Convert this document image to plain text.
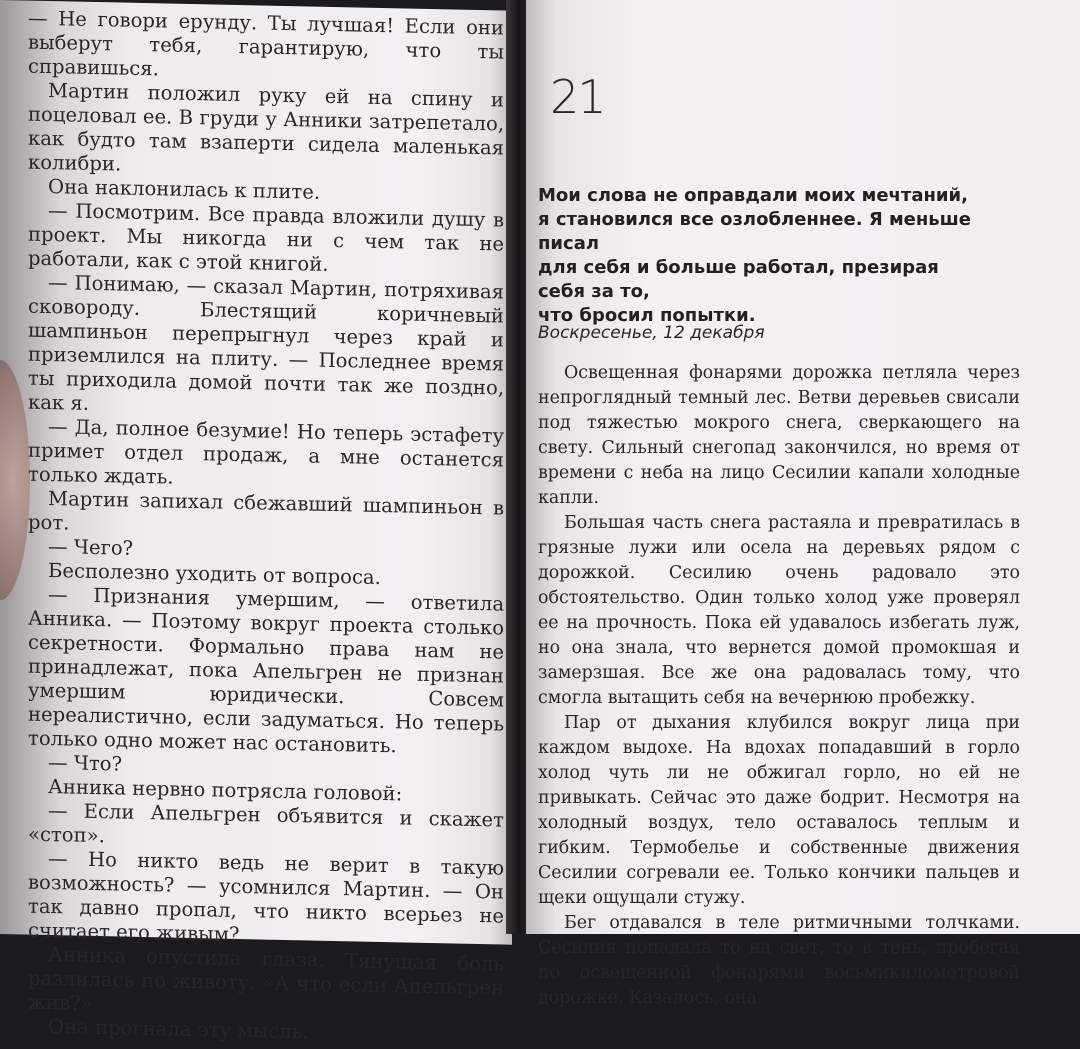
— Не говори ерунду. Ты лучшая! Если они выберут тебя, гарантирую, что ты справишься.

Мартин положил руку ей на спину и поцеловал ее. В груди у Анники затрепетало, как будто там взаперти сидела маленькая колибри.

Она наклонилась к плите.

— Посмотрим. Все правда вложили душу в проект. Мы никогда ни с чем так не работали, как с этой книгой.

— Понимаю, — сказал Мартин, потряхивая сковороду. Блестящий коричневый шампиньон перепрыгнул через край и приземлился на плиту. — Последнее время ты приходила домой почти так же поздно, как я.

— Да, полное безумие! Но теперь эстафету примет отдел продаж, а мне останется только ждать.

Мартин запихал сбежавший шампиньон в рот.

— Чего?

Бесполезно уходить от вопроса.

— Признания умершим, — ответила Анника. — Поэтому вокруг проекта столько секретности. Формально права нам не принадлежат, пока Апельгрен не признан умершим юридически. Совсем нереалистично, если задуматься. Но теперь только одно может нас остановить.

— Что?

Анника нервно потрясла головой:

— Если Апельгрен объявится и скажет «стоп».

— Но никто ведь не верит в такую возможность? — усомнился Мартин. — Он так давно пропал, что никто всерьез не считает его живым?

Анника опустила глаза. Тянущая боль разлилась по животу. «А что если Апельгрен жив?»

Она прогнала эту мысль.

21

Мои слова не оправдали моих мечтаний,

я становился все озлобленнее. Я меньше писал

для себя и больше работал, презирая себя за то,

что бросил попытки.

Воскресенье, 12 декабря

Освещенная фонарями дорожка петляла через непроглядный темный лес. Ветви деревьев свисали под тяжестью мокрого снега, сверкающего на свету. Сильный снегопад закончился, но время от времени с неба на лицо Сесилии капали холодные капли.

Большая часть снега растаяла и превратилась в грязные лужи или осела на деревьях рядом с дорожкой. Сесилию очень радовало это обстоятельство. Один только холод уже проверял ее на прочность. Пока ей удавалось избегать луж, но она знала, что вернется домой промокшая и замерзшая. Все же она радовалась тому, что смогла вытащить себя на вечернюю пробежку.

Пар от дыхания клубился вокруг лица при каждом выдохе. На вдохах попадавший в горло холод чуть ли не обжигал горло, но ей не привыкать. Сейчас это даже бодрит. Несмотря на холодный воздух, тело оставалось теплым и гибким. Термобелье и собственные движения Сесилии согревали ее. Только кончики пальцев и щеки ощущали стужу.

Бег отдавался в теле ритмичными толчками. Сесилия попадала то на свет, то в тень, пробегая по освещенной фонарями восьмикилометровой дорожке. Казалось, она
